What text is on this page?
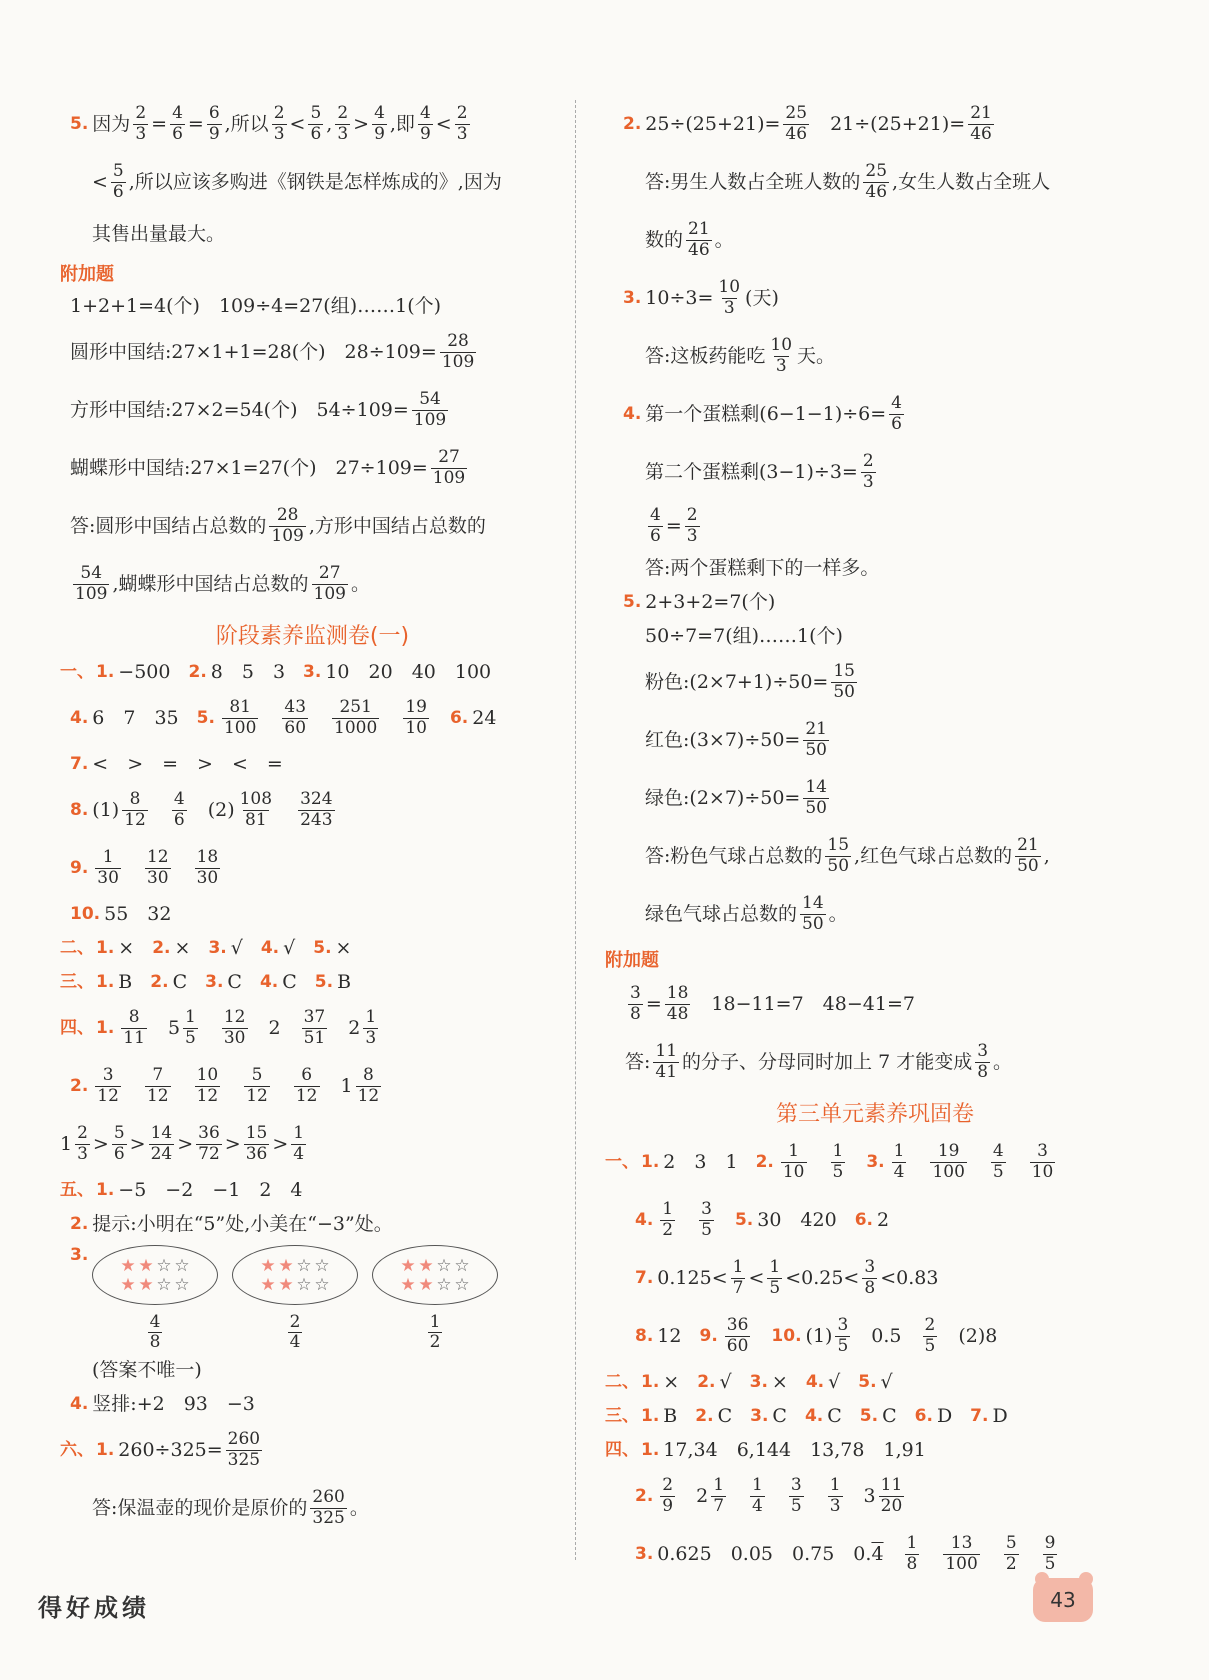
5. 因为 $\frac{2}{3} = \frac{4}{6} = \frac{6}{9}$ ,所以 $\frac{2}{3} < \frac{5}{6}$ , $\frac{2}{3} > \frac{4}{9}$ ,即 $\frac{4}{9} < \frac{2}{3}$
< $\frac{5}{6}$ ,所以应该多购进《钢铁是怎样炼成的》,因为
其售出量最大。
附加题
1+2+1=4(个)　109÷4=27(组)……1(个)
圆形中国结:27×1+1=28(个)　$28\div 109= \frac{28}{109}$
方形中国结:27×2=54(个)　$54\div 109= \frac{54}{109}$
蝴蝶形中国结:27×1=27(个)　$27\div 109= \frac{27}{109}$
答:圆形中国结占总数的 $\frac{28}{109}$ ,方形中国结占总数的
$\frac{54}{109}$ ,蝴蝶形中国结占总数的 $\frac{27}{109}$ 。
阶段素养监测卷(一)
一、 1. −500 2. 8　5　3 3. 10　20　40　100
4. 6　7　35 5. $\frac{81}{100} \frac{43}{60} \frac{251}{1000} \frac{19}{10} 6$. 24
7. <　>　=　>　<　=
8. $(1) \frac{8}{12} \frac{4}{6} (2) \frac{108}{81} \frac{324}{243}$
9. $\frac{1}{30} \frac{12}{30} \frac{18}{30}$
10. 55　32
二、 1. × 2. × 3. √ 4. √ 5. ×
三、 1. B 2. C 3. C 4. C 5. B
四、 1. $\frac{8}{11} 5 \frac{1}{5} \frac{12}{30} 2 \frac{37}{51} 2 \frac{1}{3}$
2. $\frac{3}{12} \frac{7}{12} \frac{10}{12} \frac{5}{12} \frac{6}{12} 1 \frac{8}{12}$
$1 \frac{2}{3} > \frac{5}{6} > \frac{14}{24} > \frac{36}{72} > \frac{15}{36} > \frac{1}{4}$
五、 1. −5　−2　−1　2　4
2. 提示:小明在“5”处,小美在“−3”处。
3.
★ ★ ☆ ☆
★ ★ ☆ ☆
$\frac{4}{8}$
★ ★ ☆ ☆
★ ★ ☆ ☆
$\frac{2}{4}$
★ ★ ☆ ☆
★ ★ ☆ ☆
$\frac{1}{2}$
(答案不唯一)
4. 竖排:+2　93　−3
六、 1. $260\div 325= \frac{260}{325}$
答:保温壶的现价是原价的 $\frac{260}{325}$ 。
2. $25\div(25+21)= \frac{25}{46} 21\div(25+21)= \frac{21}{46}$
答:男生人数占全班人数的 $\frac{25}{46}$ ,女生人数占全班人
数的 $\frac{21}{46}$ 。
3. $10\div 3= \frac{10}{3}$ (天)
答:这板药能吃 $\frac{10}{3}$ 天。
4. 第一个蛋糕剩$(6-1-1)\div 6= \frac{4}{6}$
第二个蛋糕剩$(3-1)\div 3= \frac{2}{3}$
$\frac{4}{6} = \frac{2}{3}$
答:两个蛋糕剩下的一样多。
5. 2+3+2=7(个)
50÷7=7(组)……1(个)
粉色:(2×7+1)÷50= $\frac{15}{50}$
红色:(3×7)÷50= $\frac{21}{50}$
绿色:(2×7)÷50= $\frac{14}{50}$
答:粉色气球占总数的 $\frac{15}{50}$ ,红色气球占总数的 $\frac{21}{50}$ ,
绿色气球占总数的 $\frac{14}{50}$ 。
附加题
$\frac{3}{8} = \frac{18}{48} 18-11=7$　48−41=7
答: $\frac{11}{41}$ 的分子、分母同时加上 7 才能变成 $\frac{3}{8}$ 。
第三单元素养巩固卷
一、 1. 2　3　1 2. $\frac{1}{10} \frac{1}{5} 3$. $\frac{1}{4} \frac{19}{100} \frac{4}{5} \frac{3}{10}$
4. $\frac{1}{2} \frac{3}{5} 5$. 30　420 6. 2
7. $0.125< \frac{1}{7} < \frac{1}{5} <0.25< \frac{3}{8} <0.83$
8. 12 9. $\frac{36}{60} 10$. $(1) \frac{3}{5} 0.5 \frac{2}{5} (2)8$
二、 1. × 2. √ 3. × 4. √ 5. √
三、 1. B 2. C 3. C 4. C 5. C 6. D 7. D
四、 1. 17,34　6,144　13,78　1,91
2. $\frac{2}{9} 2 \frac{1}{7} \frac{1}{4} \frac{3}{5} \frac{1}{3} 3 \frac{11}{20}$
3. 0.625　0.05　0.75　0. $4 \frac{1}{8} \frac{13}{100} \frac{5}{2} \frac{9}{5}$
得好成绩	43
